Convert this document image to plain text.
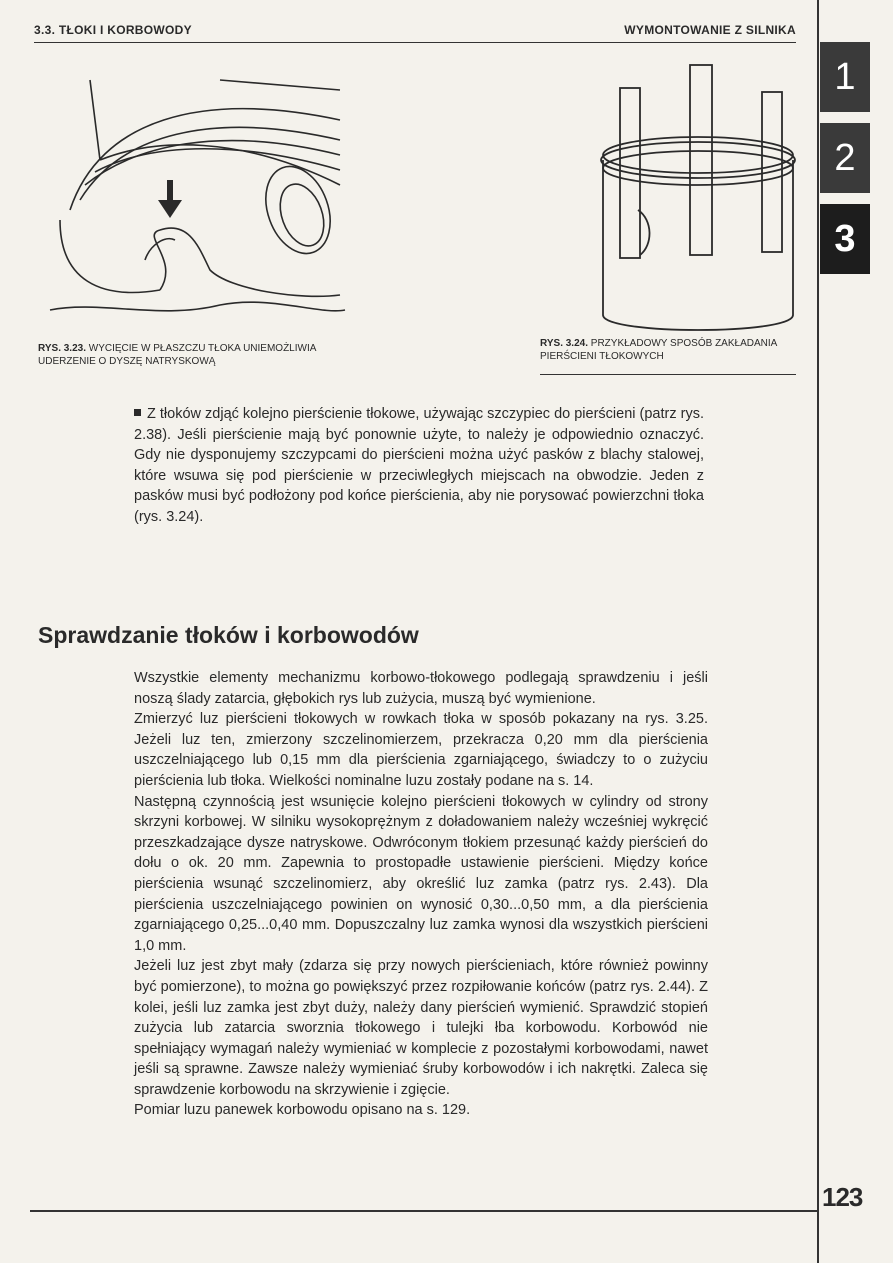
3.3. TŁOKI I KORBOWODY	WYMONTOWANIE Z SILNIKA
1
2
3
RYS. 3.23. WYCIĘCIE W PŁASZCZU TŁOKA UNIEMOŻLIWIA UDERZENIE O DYSZĘ NATRYSKOWĄ
RYS. 3.24. PRZYKŁADOWY SPOSÓB ZAKŁADANIA PIERŚCIENI TŁOKOWYCH
Z tłoków zdjąć kolejno pierścienie tłokowe, używając szczypiec do pierścieni (patrz rys. 2.38). Jeśli pierścienie mają być ponownie użyte, to należy je odpowiednio oznaczyć. Gdy nie dysponujemy szczypcami do pierścieni można użyć pasków z blachy stalowej, które wsuwa się pod pierścienie w przeciwległych miejscach na obwodzie. Jeden z pasków musi być podłożony pod końce pierścienia, aby nie porysować powierzchni tłoka (rys. 3.24).
Sprawdzanie tłoków i korbowodów

Wszystkie elementy mechanizmu korbowo-tłokowego podlegają sprawdzeniu i jeśli noszą ślady zatarcia, głębokich rys lub zużycia, muszą być wymienione.

Zmierzyć luz pierścieni tłokowych w rowkach tłoka w sposób pokazany na rys. 3.25. Jeżeli luz ten, zmierzony szczelinomierzem, przekracza 0,20 mm dla pierścienia uszczelniającego lub 0,15 mm dla pierścienia zgarniającego, świadczy to o zużyciu pierścienia lub tłoka. Wielkości nominalne luzu zostały podane na s. 14.

Następną czynnością jest wsunięcie kolejno pierścieni tłokowych w cylindry od strony skrzyni korbowej. W silniku wysokoprężnym z doładowaniem należy wcześniej wykręcić przeszkadzające dysze natryskowe. Odwróconym tłokiem przesunąć każdy pierścień do dołu o ok. 20 mm. Zapewnia to prostopadłe ustawienie pierścieni. Między końce pierścienia wsunąć szczelinomierz, aby określić luz zamka (patrz rys. 2.43). Dla pierścienia uszczelniającego powinien on wynosić 0,30...0,50 mm, a dla pierścienia zgarniającego 0,25...0,40 mm. Dopuszczalny luz zamka wynosi dla wszystkich pierścieni 1,0 mm.

Jeżeli luz jest zbyt mały (zdarza się przy nowych pierścieniach, które również powinny być pomierzone), to można go powiększyć przez rozpiłowanie końców (patrz rys. 2.44). Z kolei, jeśli luz zamka jest zbyt duży, należy dany pierścień wymienić. Sprawdzić stopień zużycia lub zatarcia sworznia tłokowego i tulejki łba korbowodu. Korbowód nie spełniający wymagań należy wymieniać w komplecie z pozostałymi korbowodami, nawet jeśli są sprawne. Zawsze należy wymieniać śruby korbowodów i ich nakrętki. Zaleca się sprawdzenie korbowodu na skrzywienie i zgięcie.

Pomiar luzu panewek korbowodu opisano na s. 129.

123
